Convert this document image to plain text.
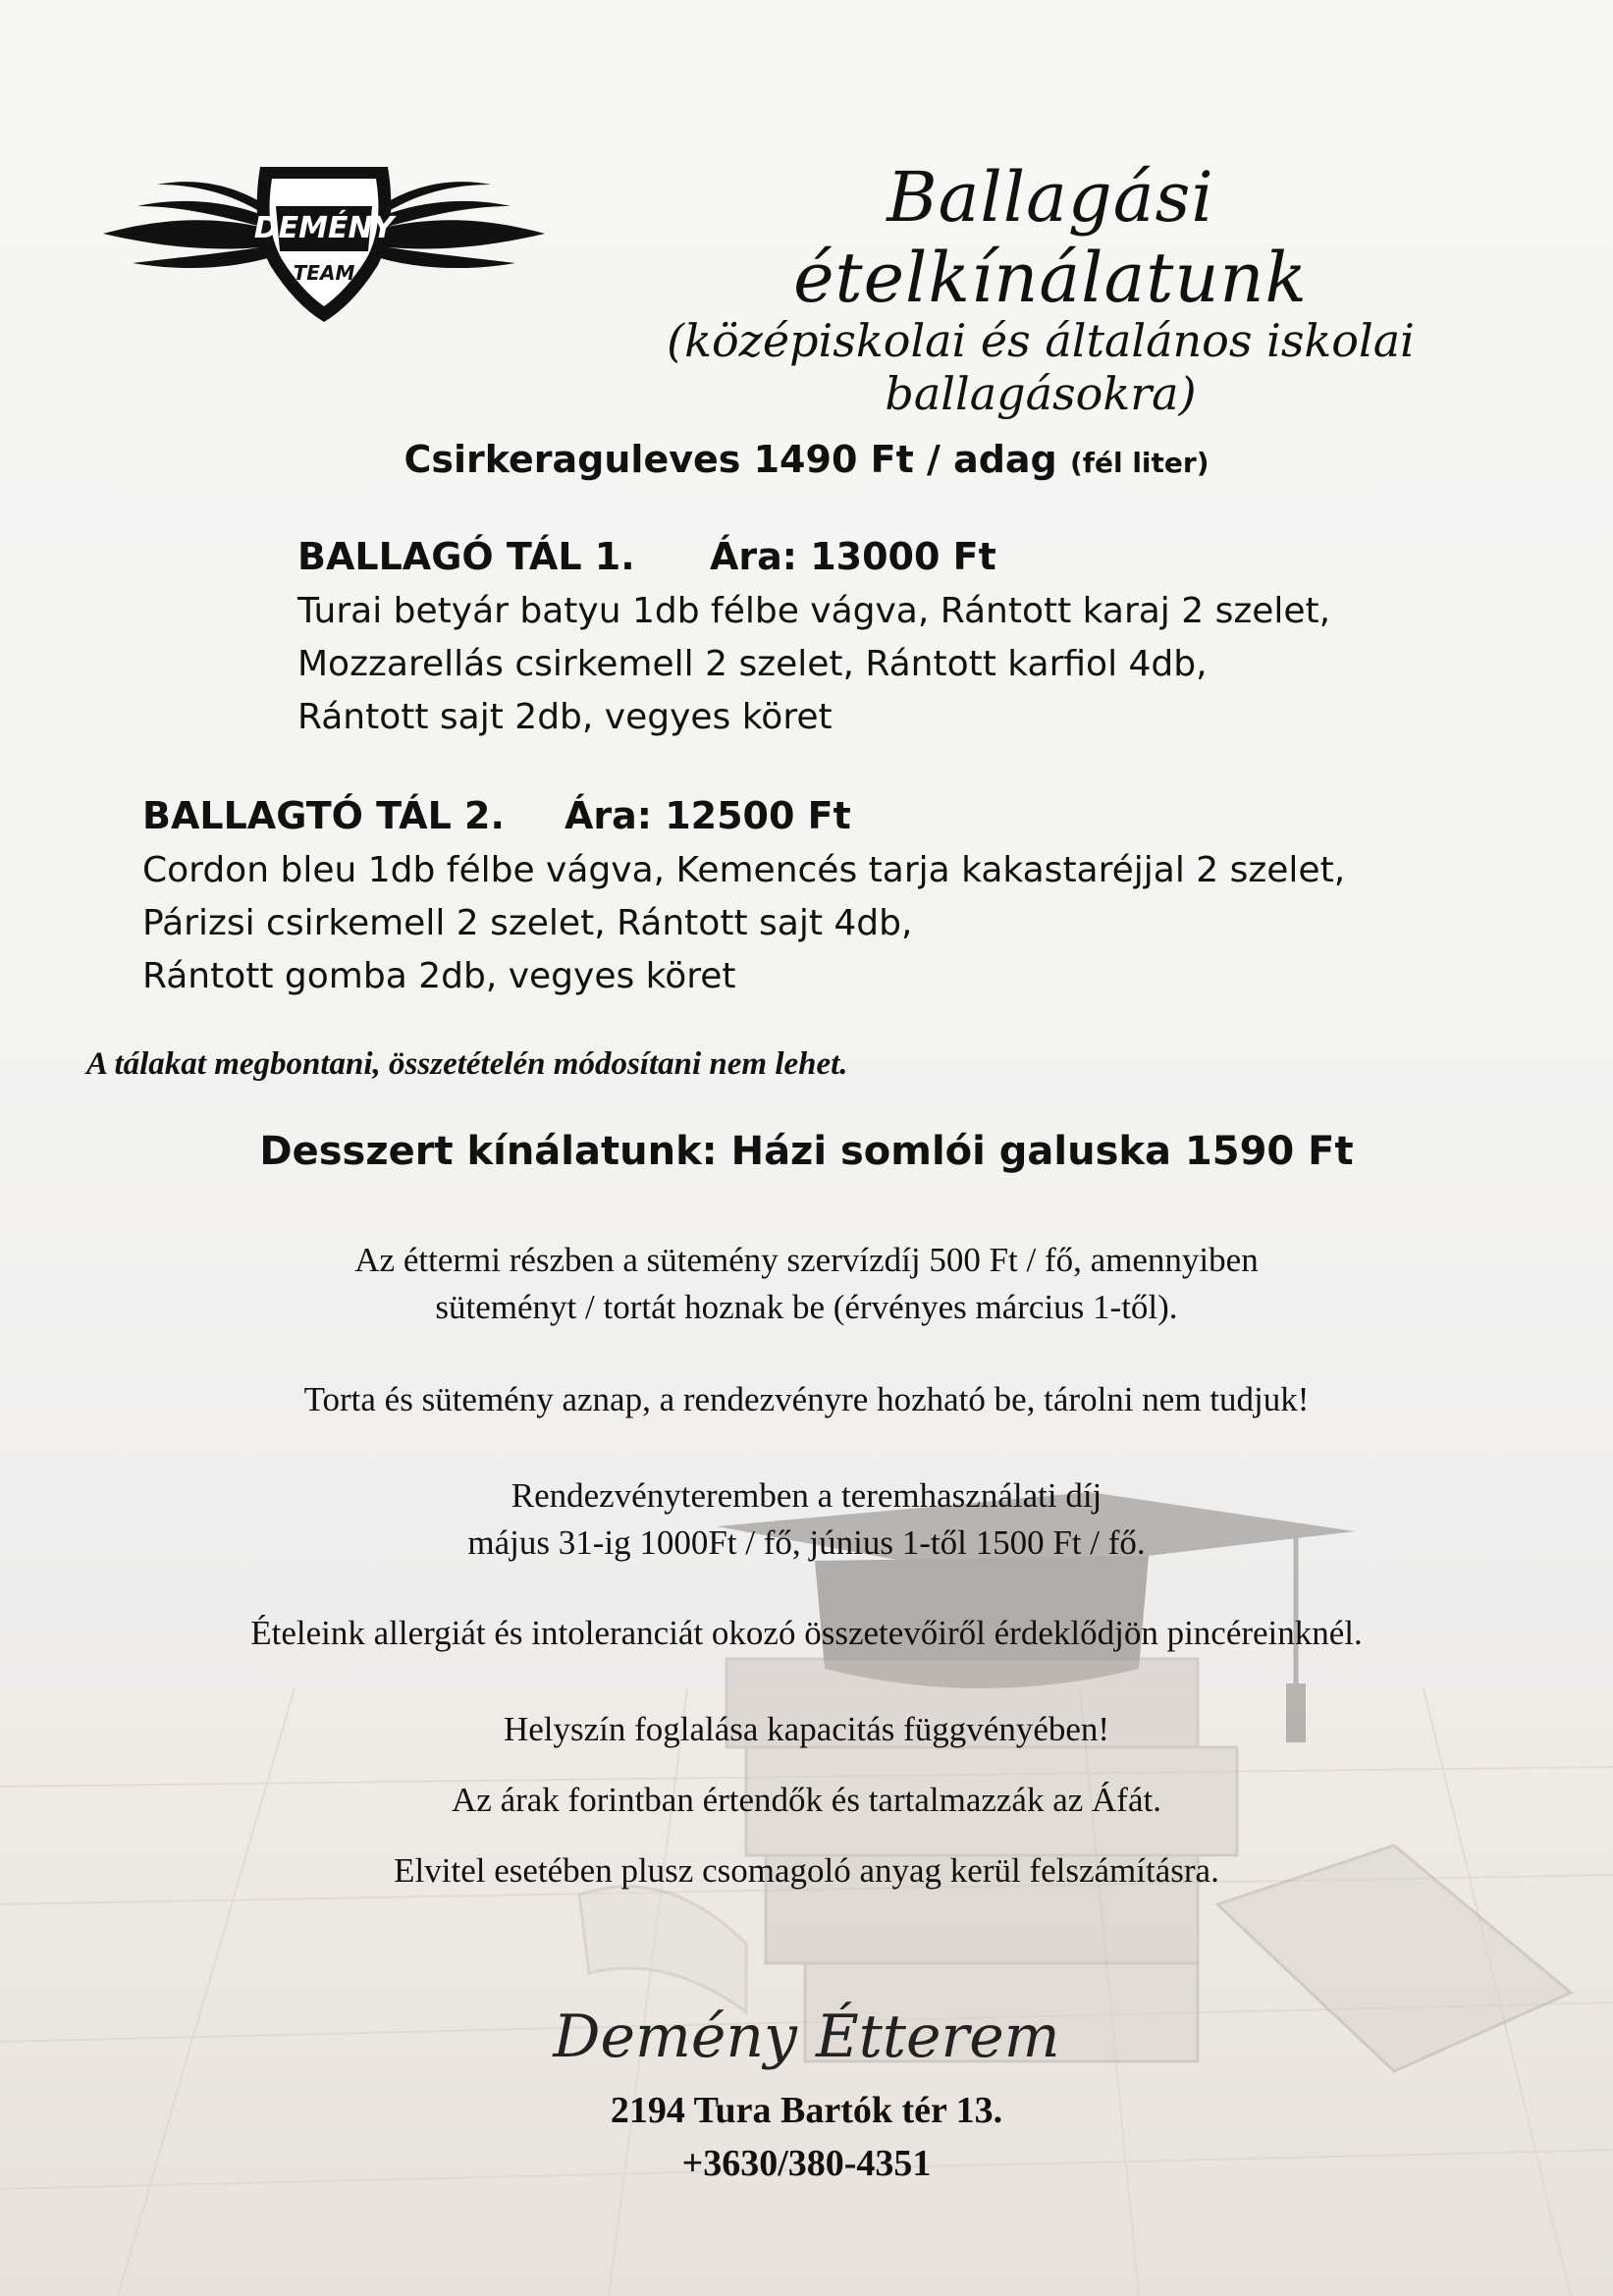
DEMÉNY
TEAM
Ballagási ételkínálatunk
(középiskolai és általános iskolai ballagásokra)
Csirkeraguleves 1490 Ft / adag (fél liter)
BALLAGÓ TÁL 1. Ára: 13000 Ft
Turai betyár batyu 1db félbe vágva, Rántott karaj 2 szelet,
Mozzarellás csirkemell 2 szelet, Rántott karfiol 4db,
Rántott sajt 2db, vegyes köret
BALLAGTÓ TÁL 2. Ára: 12500 Ft
Cordon bleu 1db félbe vágva, Kemencés tarja kakastaréjjal 2 szelet,
Párizsi csirkemell 2 szelet, Rántott sajt 4db,
Rántott gomba 2db, vegyes köret
A tálakat megbontani, összetételén módosítani nem lehet.
Desszert kínálatunk: Házi somlói galuska 1590 Ft
Az éttermi részben a sütemény szervízdíj 500 Ft / fő, amennyiben
süteményt / tortát hoznak be (érvényes március 1-től).
Torta és sütemény aznap, a rendezvényre hozható be, tárolni nem tudjuk!
Rendezvényteremben a teremhasználati díj
május 31-ig 1000Ft / fő, június 1-től 1500 Ft / fő.
Ételeink allergiát és intoleranciát okozó összetevőiről érdeklődjön pincéreinknél.
Helyszín foglalása kapacitás függvényében!
Az árak forintban értendők és tartalmazzák az Áfát.
Elvitel esetében plusz csomagoló anyag kerül felszámításra.
Demény Étterem
2194 Tura Bartók tér 13.
+3630/380-4351
